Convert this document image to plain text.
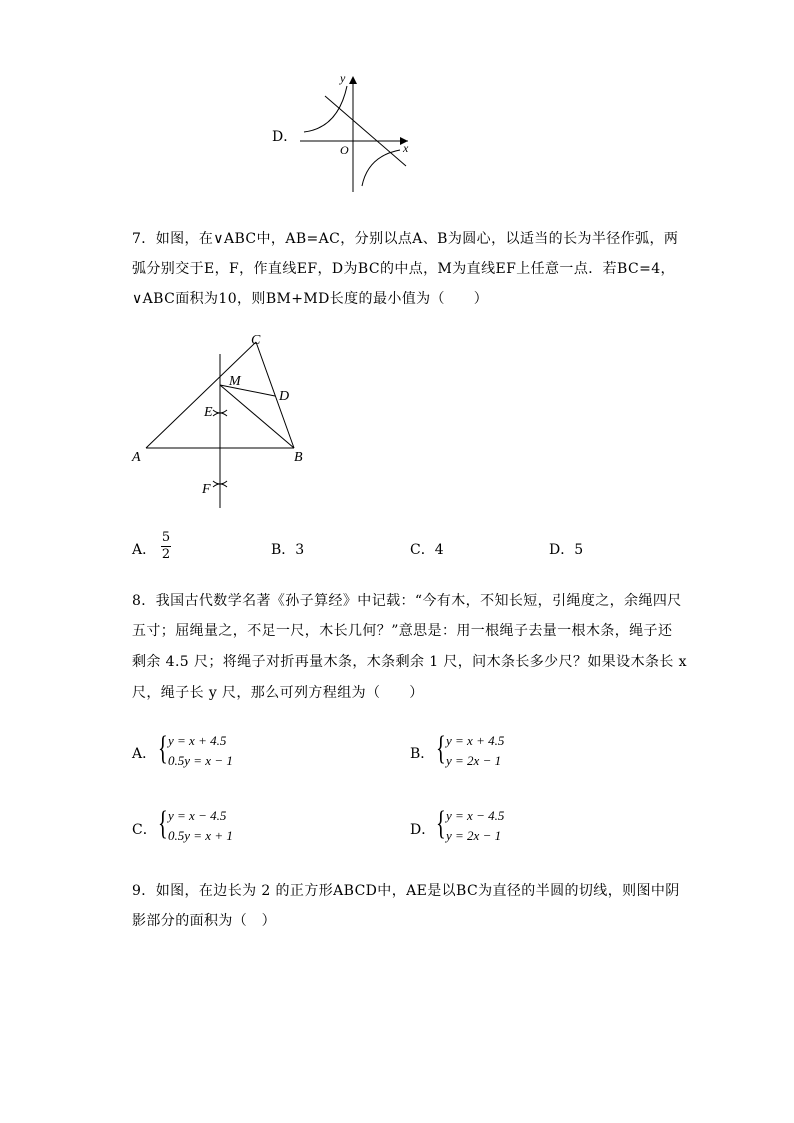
D．
y
x
O
7．如图，在∨ABC中，AB=AC，分别以点A、B为圆心，以适当的长为半径作弧，两
弧分别交于E，F，作直线EF，D为BC的中点，M为直线EF上任意一点．若BC=4，
∨ABC面积为10，则BM+MD长度的最小值为（　　）
C
M
D
E
A	B
F
A．
5
2	B．3	C．4	D．5
8．我国古代数学名著《孙子算经》中记载：“今有木，不知长短，引绳度之，余绳四尺
五寸；屈绳量之，不足一尺，木长几何？”意思是：用一根绳子去量一根木条，绳子还
剩余 4.5 尺；将绳子对折再量木条，木条剩余 1 尺，问木条长多少尺？如果设木条长 x
尺，绳子长 y 尺，那么可列方程组为（　　）
A． { y = x + 4.5
0.5y = x − 1	B． { y = x + 4.5
y = 2x − 1
C． { y = x − 4.5
0.5y = x + 1	D． { y = x − 4.5
y = 2x − 1
9．如图，在边长为 2 的正方形ABCD中，AE是以BC为直径的半圆的切线，则图中阴
影部分的面积为（　）
